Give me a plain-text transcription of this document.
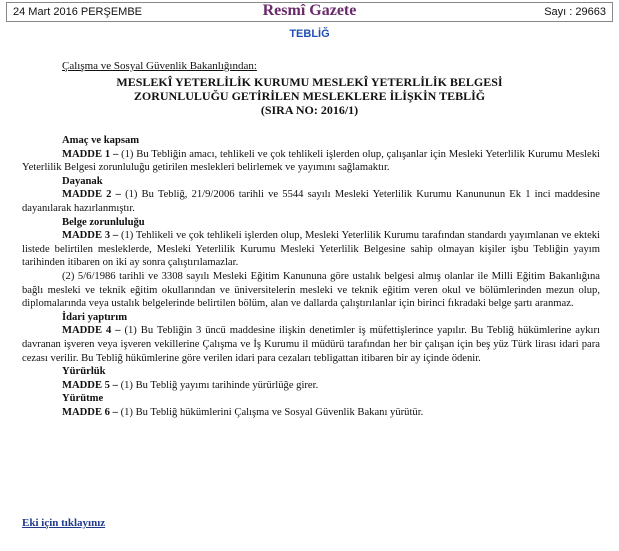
24 Mart 2016 PERŞEMBE	Resmî Gazete	Sayı : 29663
TEBLİĞ
Çalışma ve Sosyal Güvenlik Bakanlığından:
MESLEKÎ YETERLİLİK KURUMU MESLEKÎ YETERLİLİK BELGESİ
ZORUNLULUĞU GETİRİLEN MESLEKLERE İLİŞKİN TEBLİĞ
(SIRA NO: 2016/1)

Amaç ve kapsam

MADDE 1 – (1) Bu Tebliğin amacı, tehlikeli ve çok tehlikeli işlerden olup, çalışanlar için Mesleki Yeterlilik Kurumu Mesleki Yeterlilik Belgesi zorunluluğu getirilen meslekleri belirlemek ve yayımını sağlamaktır.

Dayanak

MADDE 2 – (1) Bu Tebliğ, 21/9/2006 tarihli ve 5544 sayılı Mesleki Yeterlilik Kurumu Kanununun Ek 1 inci maddesine dayanılarak hazırlanmıştır.

Belge zorunluluğu

MADDE 3 – (1) Tehlikeli ve çok tehlikeli işlerden olup, Mesleki Yeterlilik Kurumu tarafından standardı yayımlanan ve ekteki listede belirtilen mesleklerde, Mesleki Yeterlilik Kurumu Mesleki Yeterlilik Belgesine sahip olmayan kişiler işbu Tebliğin yayım tarihinden itibaren on iki ay sonra çalıştırılamazlar.

(2) 5/6/1986 tarihli ve 3308 sayılı Mesleki Eğitim Kanununa göre ustalık belgesi almış olanlar ile Milli Eğitim Bakanlığına bağlı mesleki ve teknik eğitim okullarından ve üniversitelerin mesleki ve teknik eğitim veren okul ve bölümlerinden mezun olup, diplomalarında veya ustalık belgelerinde belirtilen bölüm, alan ve dallarda çalıştırılanlar için birinci fıkradaki belge şartı aranmaz.

İdari yaptırım

MADDE 4 – (1) Bu Tebliğin 3 üncü maddesine ilişkin denetimler iş müfettişlerince yapılır. Bu Tebliğ hükümlerine aykırı davranan işveren veya işveren vekillerine Çalışma ve İş Kurumu il müdürü tarafından her bir çalışan için beş yüz Türk lirası idari para cezası verilir. Bu Tebliğ hükümlerine göre verilen idari para cezaları tebligattan itibaren bir ay içinde ödenir.

Yürürlük

MADDE 5 – (1) Bu Tebliğ yayımı tarihinde yürürlüğe girer.

Yürütme

MADDE 6 – (1) Bu Tebliğ hükümlerini Çalışma ve Sosyal Güvenlik Bakanı yürütür.

Eki için tıklayınız
